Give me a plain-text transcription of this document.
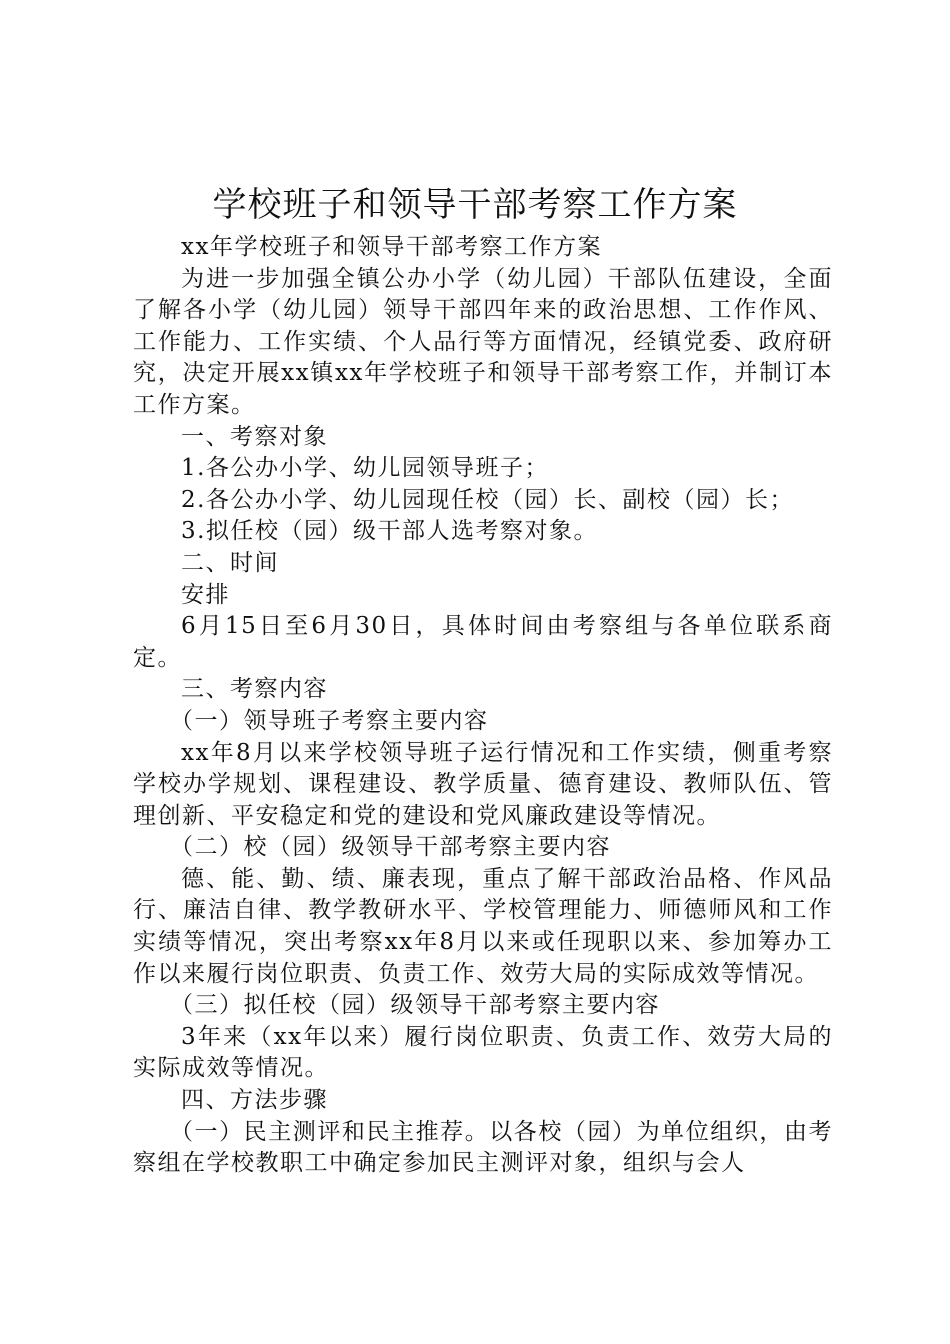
学校班子和领导干部考察工作方案

xx年学校班子和领导干部考察工作方案

为进一步加强全镇公办小学（幼儿园）干部队伍建设，全面了解各小学（幼儿园）领导干部四年来的政治思想、工作作风、工作能力、工作实绩、个人品行等方面情况，经镇党委、政府研究，决定开展xx镇xx年学校班子和领导干部考察工作，并制订本工作方案。

一、考察对象

1.各公办小学、幼儿园领导班子；

2.各公办小学、幼儿园现任校（园）长、副校（园）长；

3.拟任校（园）级干部人选考察对象。

二、时间

安排

6月15日至6月30日，具体时间由考察组与各单位联系商定。

三、考察内容

（一）领导班子考察主要内容

xx年8月以来学校领导班子运行情况和工作实绩，侧重考察学校办学规划、课程建设、教学质量、德育建设、教师队伍、管理创新、平安稳定和党的建设和党风廉政建设等情况。

（二）校（园）级领导干部考察主要内容

德、能、勤、绩、廉表现，重点了解干部政治品格、作风品行、廉洁自律、教学教研水平、学校管理能力、师德师风和工作实绩等情况，突出考察xx年8月以来或任现职以来、参加筹办工作以来履行岗位职责、负责工作、效劳大局的实际成效等情况。

（三）拟任校（园）级领导干部考察主要内容

3年来（xx年以来）履行岗位职责、负责工作、效劳大局的实际成效等情况。

四、方法步骤

（一）民主测评和民主推荐。以各校（园）为单位组织，由考察组在学校教职工中确定参加民主测评对象，组织与会人
